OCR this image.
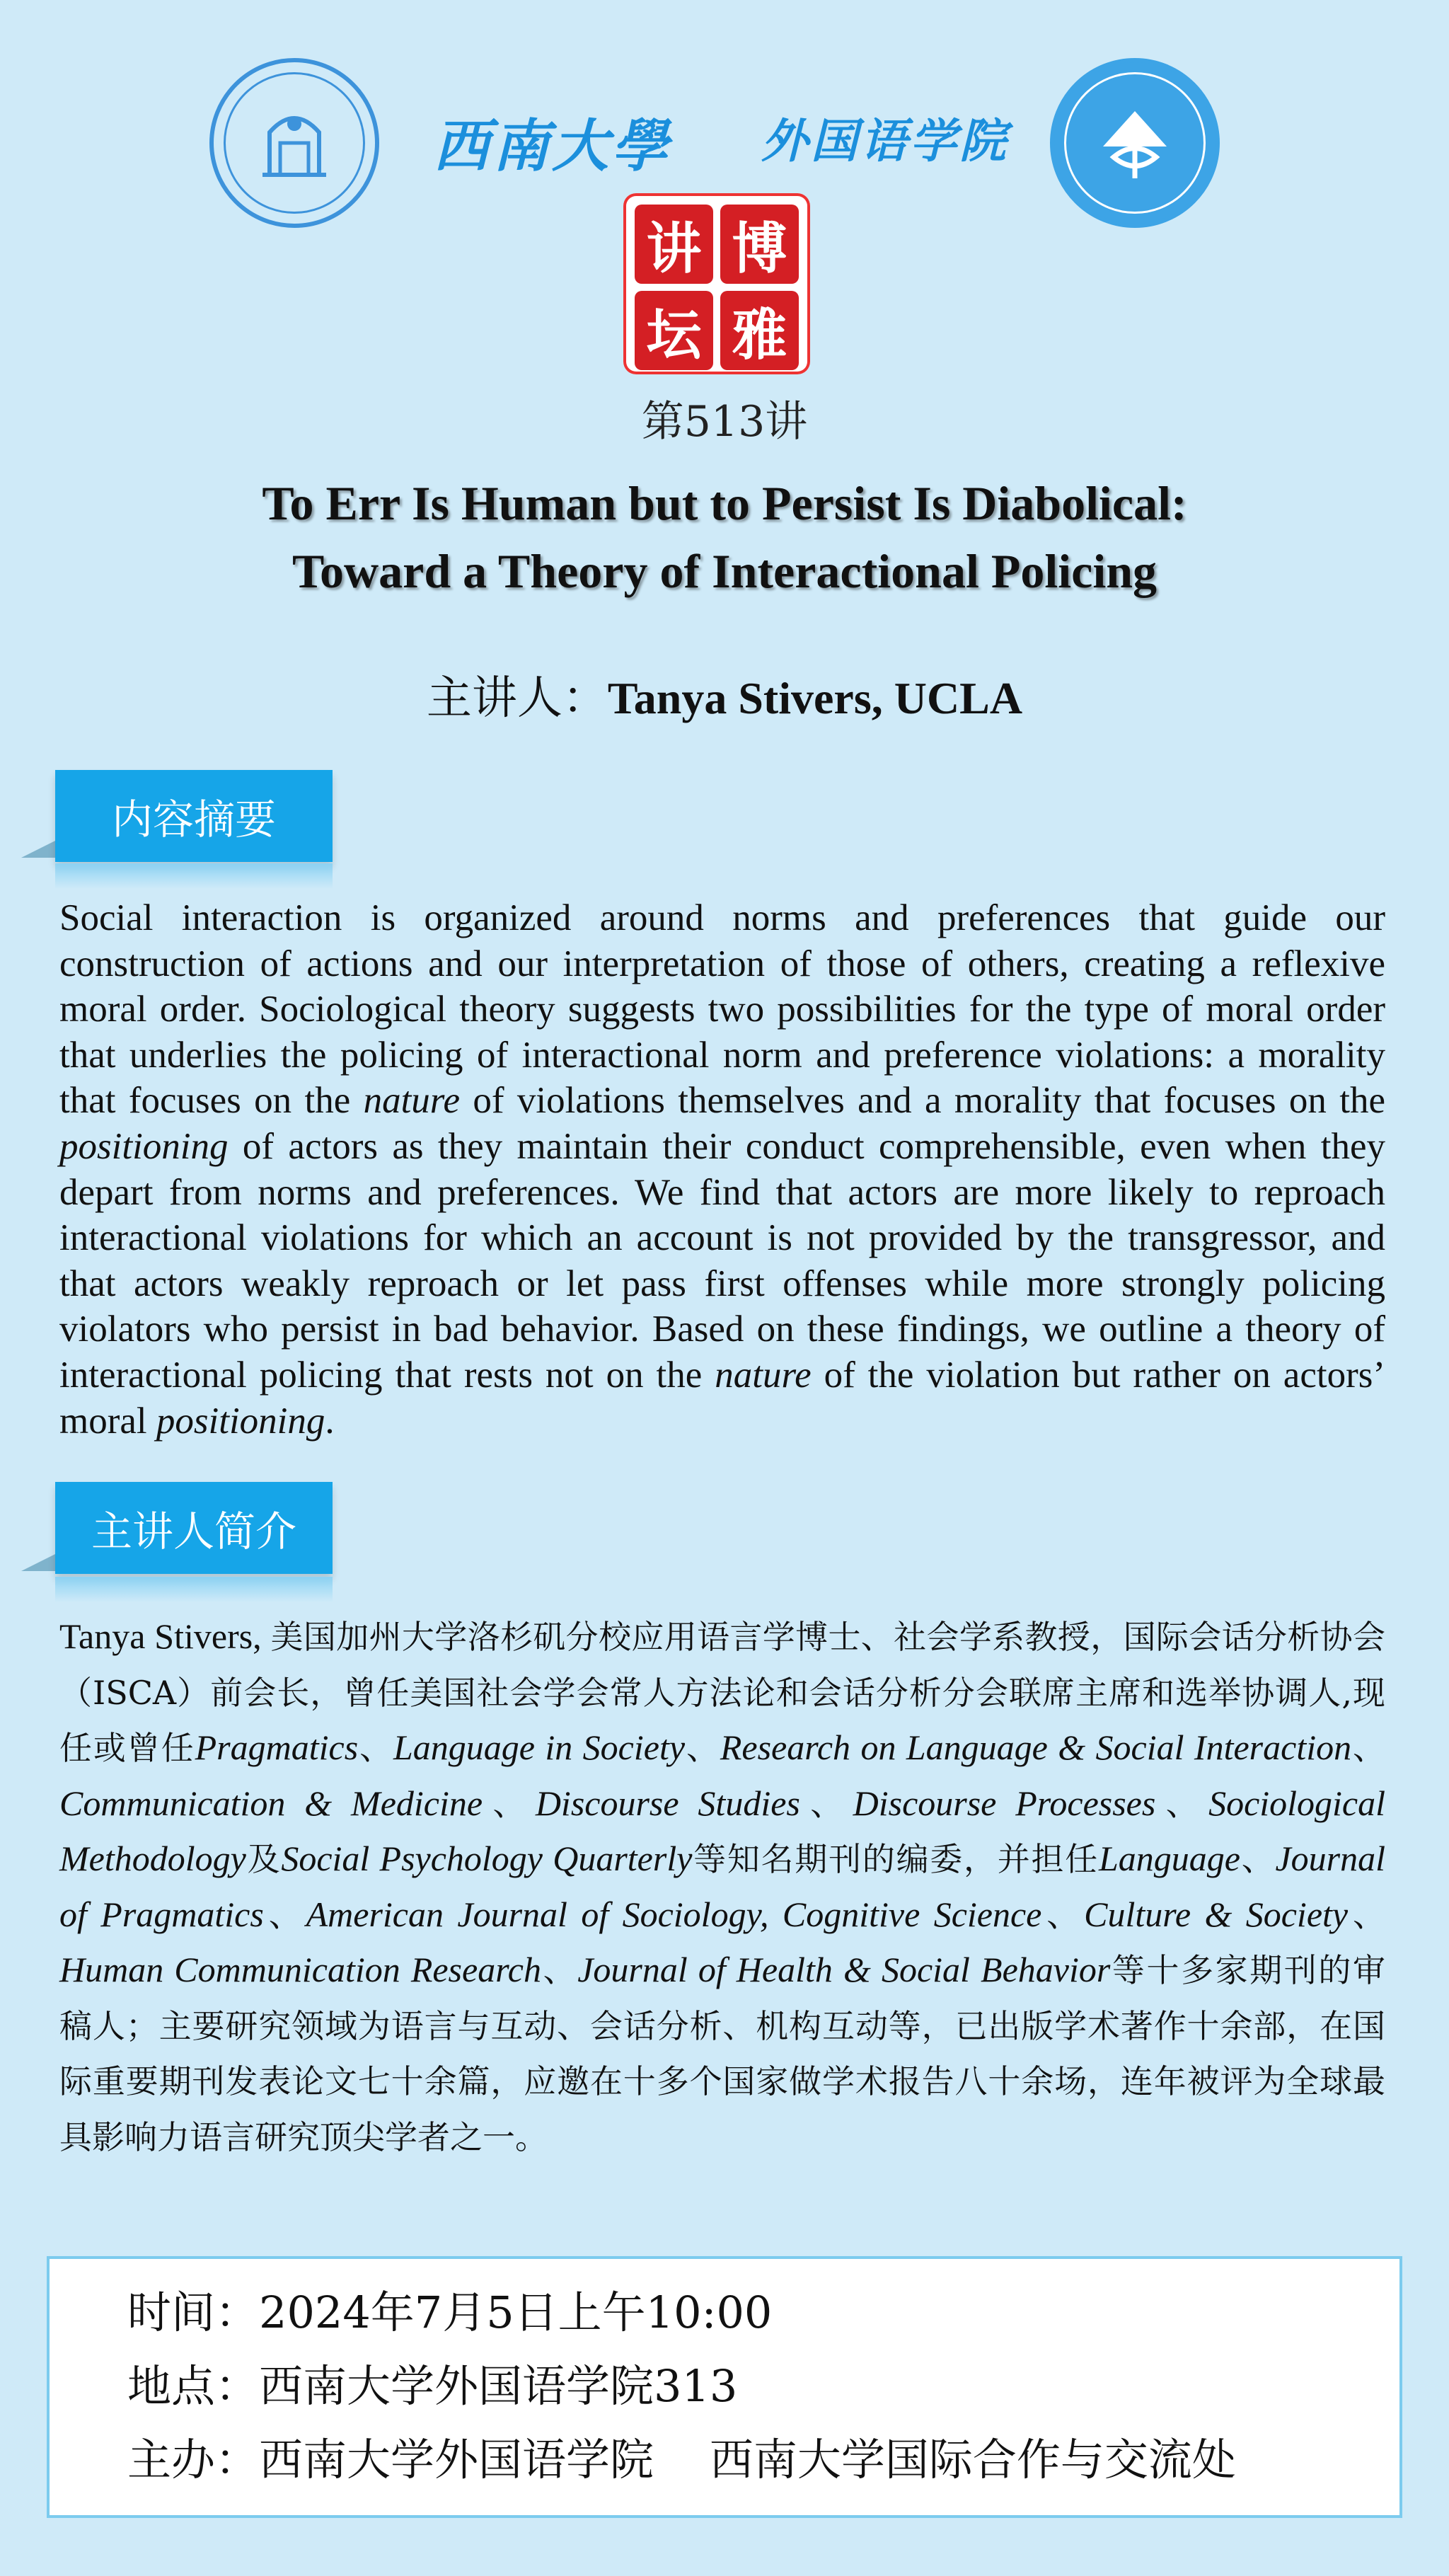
西南大學 外国语学院
讲 博
坛 雅
第513讲
To Err Is Human but to Persist Is Diabolical:
Toward a Theory of Interactional Policing
主讲人：Tanya Stivers, UCLA
内容摘要
Social interaction is organized around norms and preferences that guide our construction of actions and our interpretation of those of others, creating a reflexive moral order. Sociological theory suggests two possibilities for the type of moral order that underlies the policing of interactional norm and preference violations: a morality that focuses on the nature of violations themselves and a morality that focuses on the positioning of actors as they maintain their conduct comprehensible, even when they depart from norms and preferences. We find that actors are more likely to reproach interactional violations for which an account is not provided by the transgressor, and that actors weakly reproach or let pass first offenses while more strongly policing violators who persist in bad behavior. Based on these findings, we outline a theory of interactional policing that rests not on the nature of the violation but rather on actors’ moral positioning.
主讲人简介
Tanya Stivers, 美国加州大学洛杉矶分校应用语言学博士、社会学系教授，国际会话分析协会（ISCA）前会长，曾任美国社会学会常人方法论和会话分析分会联席主席和选举协调人,现任或曾任Pragmatics、Language in Society、Research on Language & Social Interaction、Communication & Medicine、Discourse Studies、Discourse Processes、Sociological Methodology及Social Psychology Quarterly等知名期刊的编委，并担任Language、Journal of Pragmatics、American Journal of Sociology, Cognitive Science、Culture & Society、Human Communication Research、Journal of Health & Social Behavior等十多家期刊的审稿人；主要研究领域为语言与互动、会话分析、机构互动等，已出版学术著作十余部，在国际重要期刊发表论文七十余篇，应邀在十多个国家做学术报告八十余场，连年被评为全球最具影响力语言研究顶尖学者之一。
时间：2024年7月5日上午10:00
地点：西南大学外国语学院313
主办：西南大学外国语学院    西南大学国际合作与交流处
